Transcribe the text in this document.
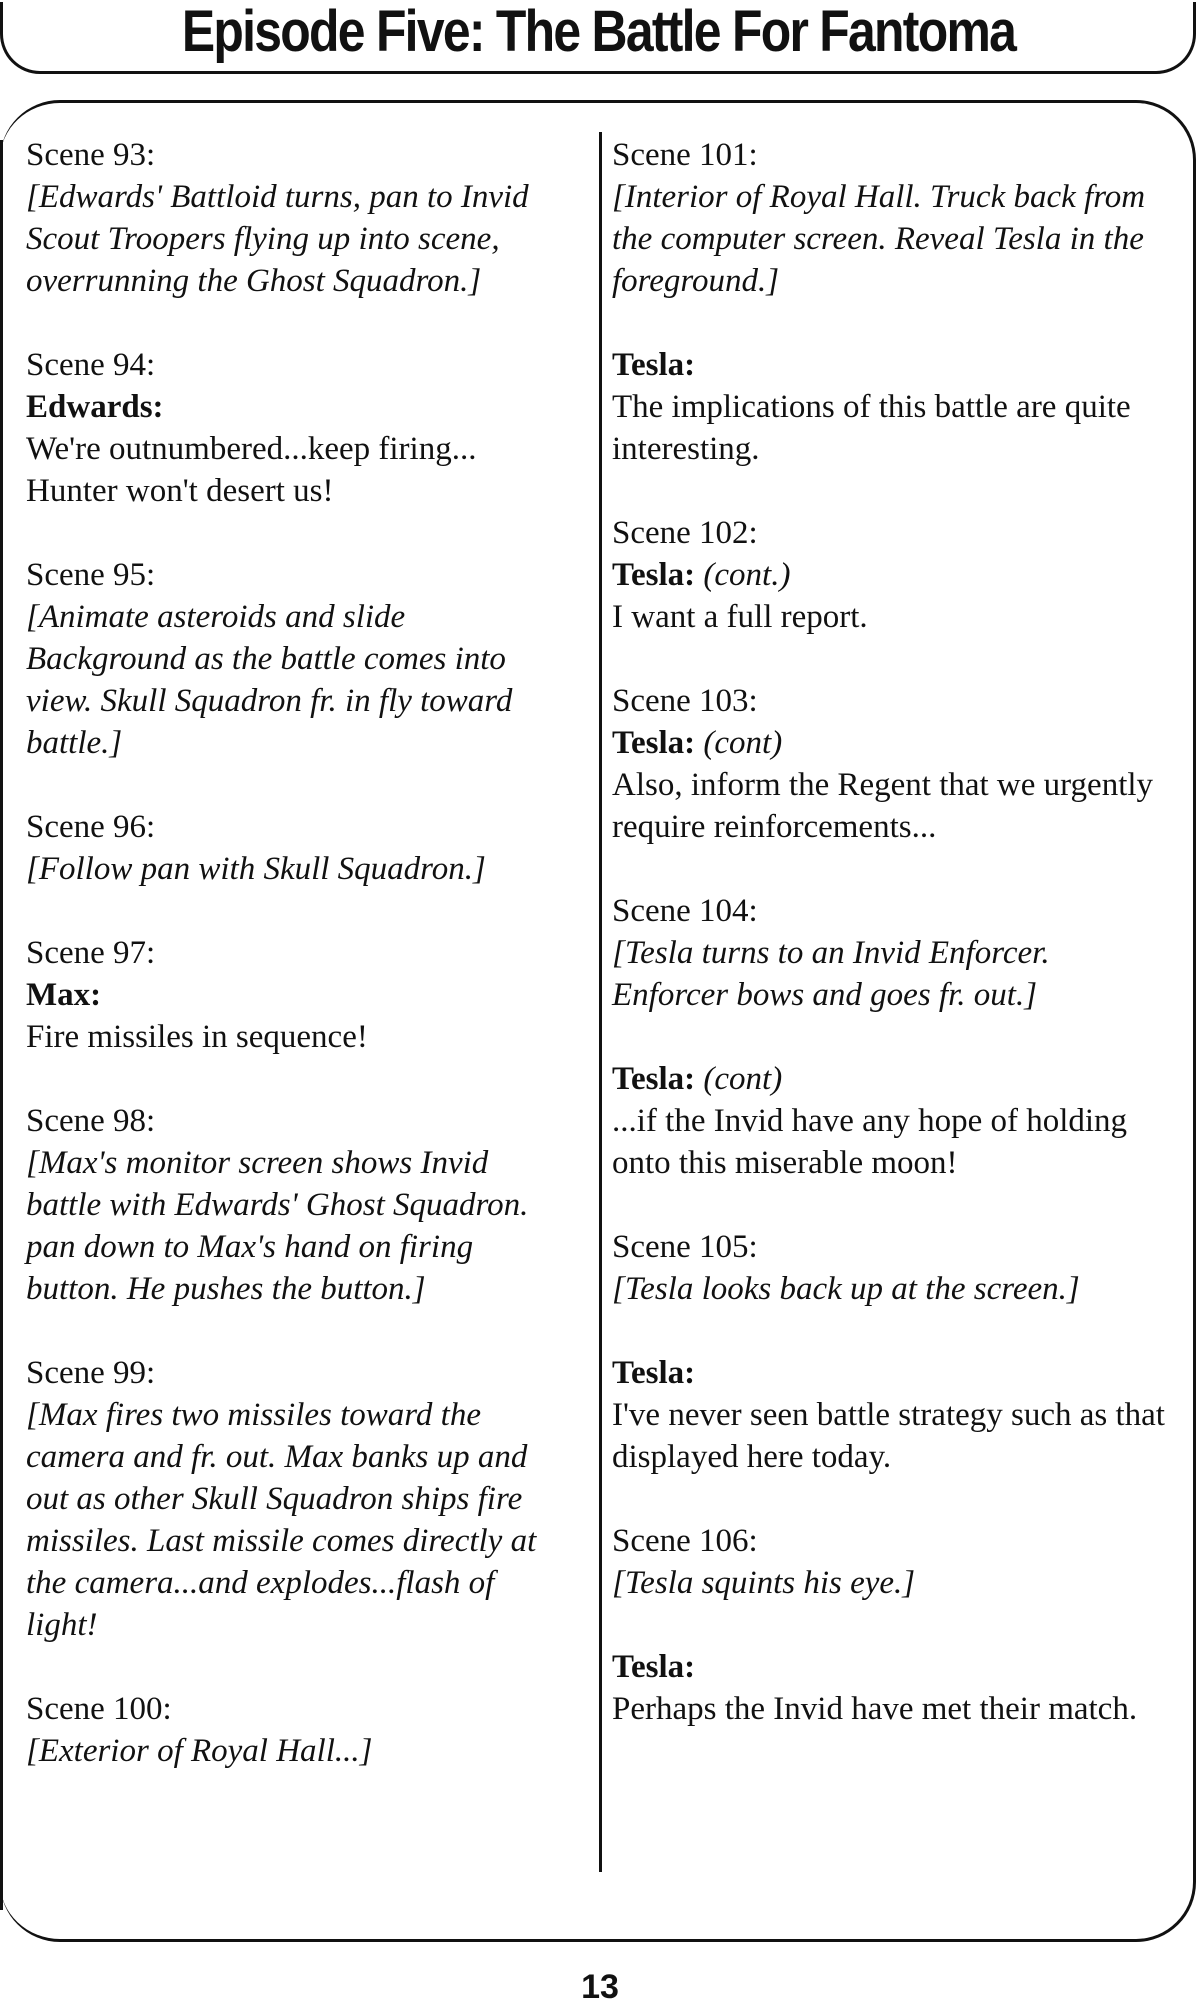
Episode Five: The Battle For Fantoma
Scene 93:
[Edwards' Battloid turns, pan to Invid Scout Troopers flying up into scene, overrunning the Ghost Squadron.]
Scene 94:
Edwards:
We're outnumbered...keep firing... Hunter won't desert us!
Scene 95:
[Animate asteroids and slide Background as the battle comes into view. Skull Squadron fr. in fly toward battle.]
Scene 96:
[Follow pan with Skull Squadron.]
Scene 97:
Max:
Fire missiles in sequence!
Scene 98:
[Max's monitor screen shows Invid battle with Edwards' Ghost Squadron. pan down to Max's hand on firing button. He pushes the button.]
Scene 99:
[Max fires two missiles toward the camera and fr. out. Max banks up and out as other Skull Squadron ships fire missiles. Last missile comes directly at the camera...and explodes...flash of light!
Scene 100:
[Exterior of Royal Hall...]
Scene 101:
[Interior of Royal Hall. Truck back from the computer screen. Reveal Tesla in the foreground.]
Tesla:
The implications of this battle are quite interesting.
Scene 102:
Tesla: (cont.)
I want a full report.
Scene 103:
Tesla: (cont)
Also, inform the Regent that we urgently require reinforcements...
Scene 104:
[Tesla turns to an Invid Enforcer. Enforcer bows and goes fr. out.]
Tesla: (cont)
...if the Invid have any hope of holding onto this miserable moon!
Scene 105:
[Tesla looks back up at the screen.]
Tesla:
I've never seen battle strategy such as that displayed here today.
Scene 106:
[Tesla squints his eye.]
Tesla:
Perhaps the Invid have met their match.
13
